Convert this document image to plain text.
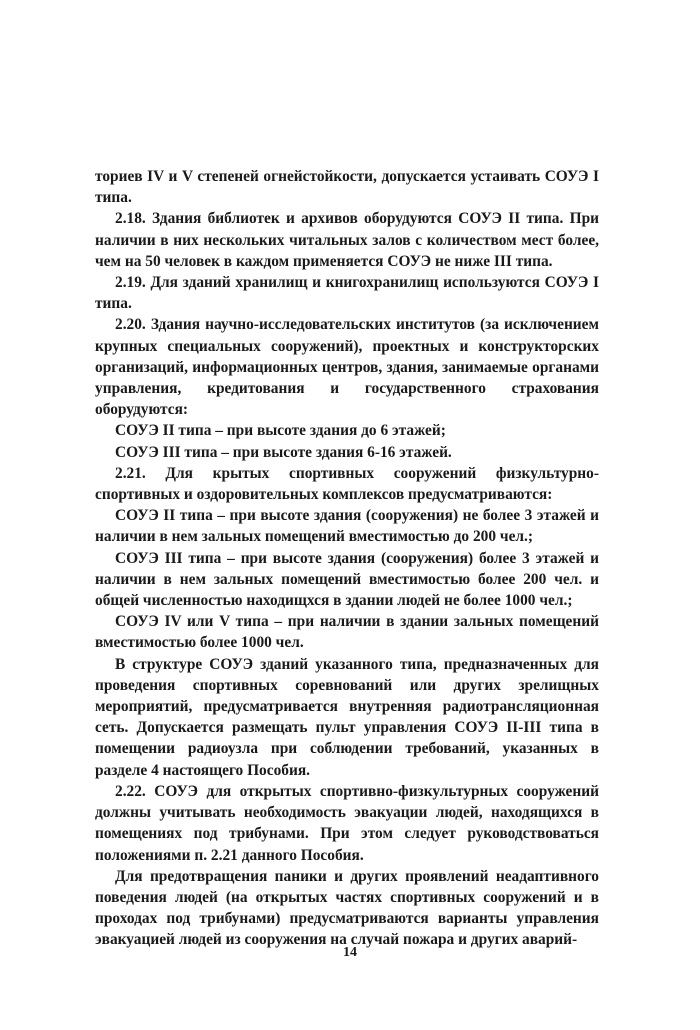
ториев IV и V степеней огнейстойкости, допускается устаивать СОУЭ I типа.

2.18. Здания библиотек и архивов оборудуются СОУЭ II типа. При наличии в них нескольких читальных залов с количеством мест более, чем на 50 человек в каждом применяется СОУЭ не ниже III типа.

2.19. Для зданий хранилищ и книгохранилищ используются СОУЭ I типа.

2.20. Здания научно-исследовательских институтов (за исключением крупных специальных сооружений), проектных и конструкторских организаций, информационных центров, здания, занимаемые органами управления, кредитования и государственного страхования оборудуются:

СОУЭ II типа – при высоте здания до 6 этажей;

СОУЭ III типа – при высоте здания 6-16 этажей.

2.21. Для крытых спортивных сооружений физкультурно-спортивных и оздоровительных комплексов предусматриваются:

СОУЭ II типа – при высоте здания (сооружения) не более 3 этажей и наличии в нем зальных помещений вместимостью до 200 чел.;

СОУЭ III типа – при высоте здания (сооружения) более 3 этажей и наличии в нем зальных помещений вместимостью более 200 чел. и общей численностью находищхся в здании людей не более 1000 чел.;

СОУЭ IV или V типа – при наличии в здании зальных помещений вместимостью более 1000 чел.

В структуре СОУЭ зданий указанного типа, предназначенных для проведения спортивных соревнований или других зрелищных мероприятий, предусматривается внутренняя радиотрансляционная сеть. Допускается размещать пульт управления СОУЭ II-III типа в помещении радиоузла при соблюдении требований, указанных в разделе 4 настоящего Пособия.

2.22. СОУЭ для открытых спортивно-физкультурных сооружений должны учитывать необходимость эвакуации людей, находящихся в помещениях под трибунами. При этом следует руководствоваться положениями п. 2.21 данного Пособия.

Для предотвращения паники и других проявлений неадаптивного поведения людей (на открытых частях спортивных сооружений и в проходах под трибунами) предусматриваются варианты управления эвакуацией людей из сооружения на случай пожара и других аварий-

14
